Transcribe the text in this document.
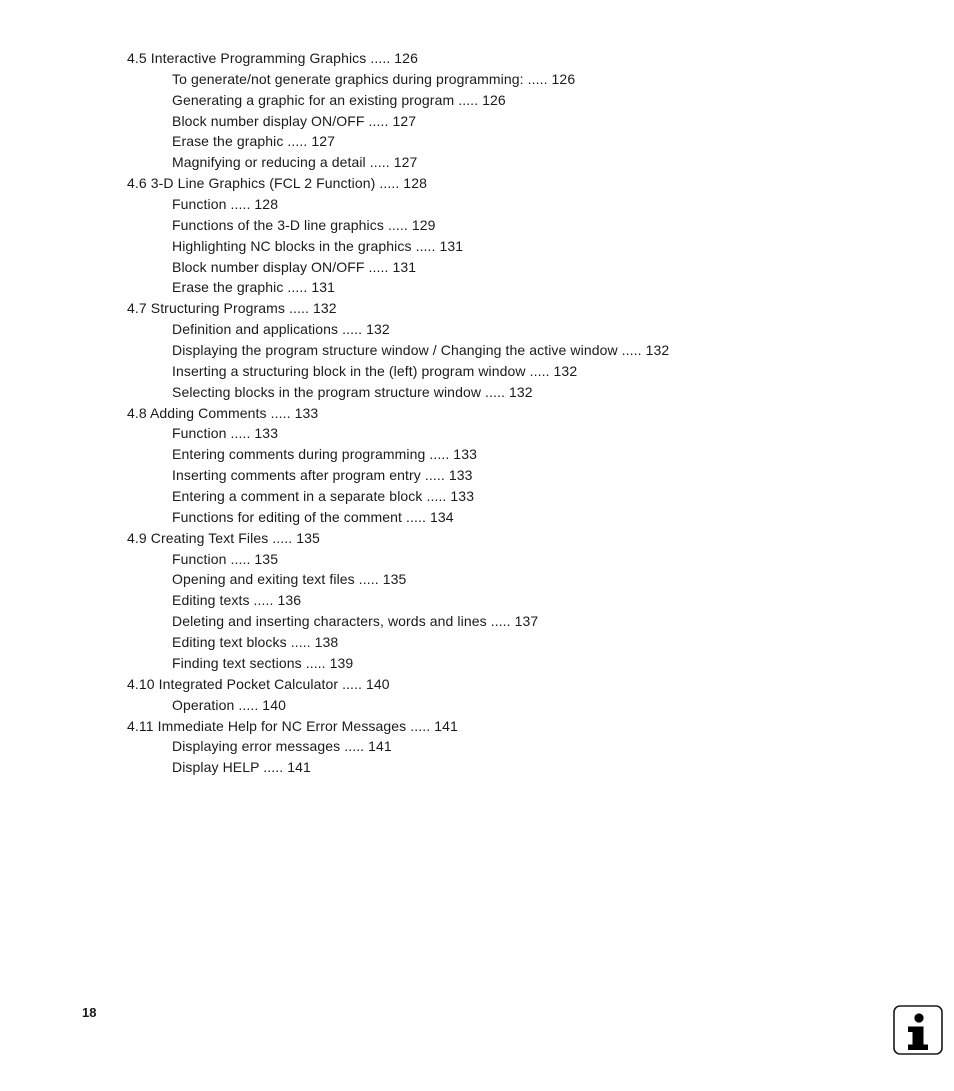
4.5 Interactive Programming Graphics ..... 126
To generate/not generate graphics during programming: ..... 126
Generating a graphic for an existing program ..... 126
Block number display ON/OFF ..... 127
Erase the graphic ..... 127
Magnifying or reducing a detail ..... 127
4.6 3-D Line Graphics (FCL 2 Function) ..... 128
Function ..... 128
Functions of the 3-D line graphics ..... 129
Highlighting NC blocks in the graphics ..... 131
Block number display ON/OFF ..... 131
Erase the graphic ..... 131
4.7 Structuring Programs ..... 132
Definition and applications ..... 132
Displaying the program structure window / Changing the active window ..... 132
Inserting a structuring block in the (left) program window ..... 132
Selecting blocks in the program structure window ..... 132
4.8 Adding Comments ..... 133
Function ..... 133
Entering comments during programming ..... 133
Inserting comments after program entry ..... 133
Entering a comment in a separate block ..... 133
Functions for editing of the comment ..... 134
4.9 Creating Text Files ..... 135
Function ..... 135
Opening and exiting text files ..... 135
Editing texts ..... 136
Deleting and inserting characters, words and lines ..... 137
Editing text blocks ..... 138
Finding text sections ..... 139
4.10 Integrated Pocket Calculator ..... 140
Operation ..... 140
4.11 Immediate Help for NC Error Messages ..... 141
Displaying error messages ..... 141
Display HELP ..... 141
18
